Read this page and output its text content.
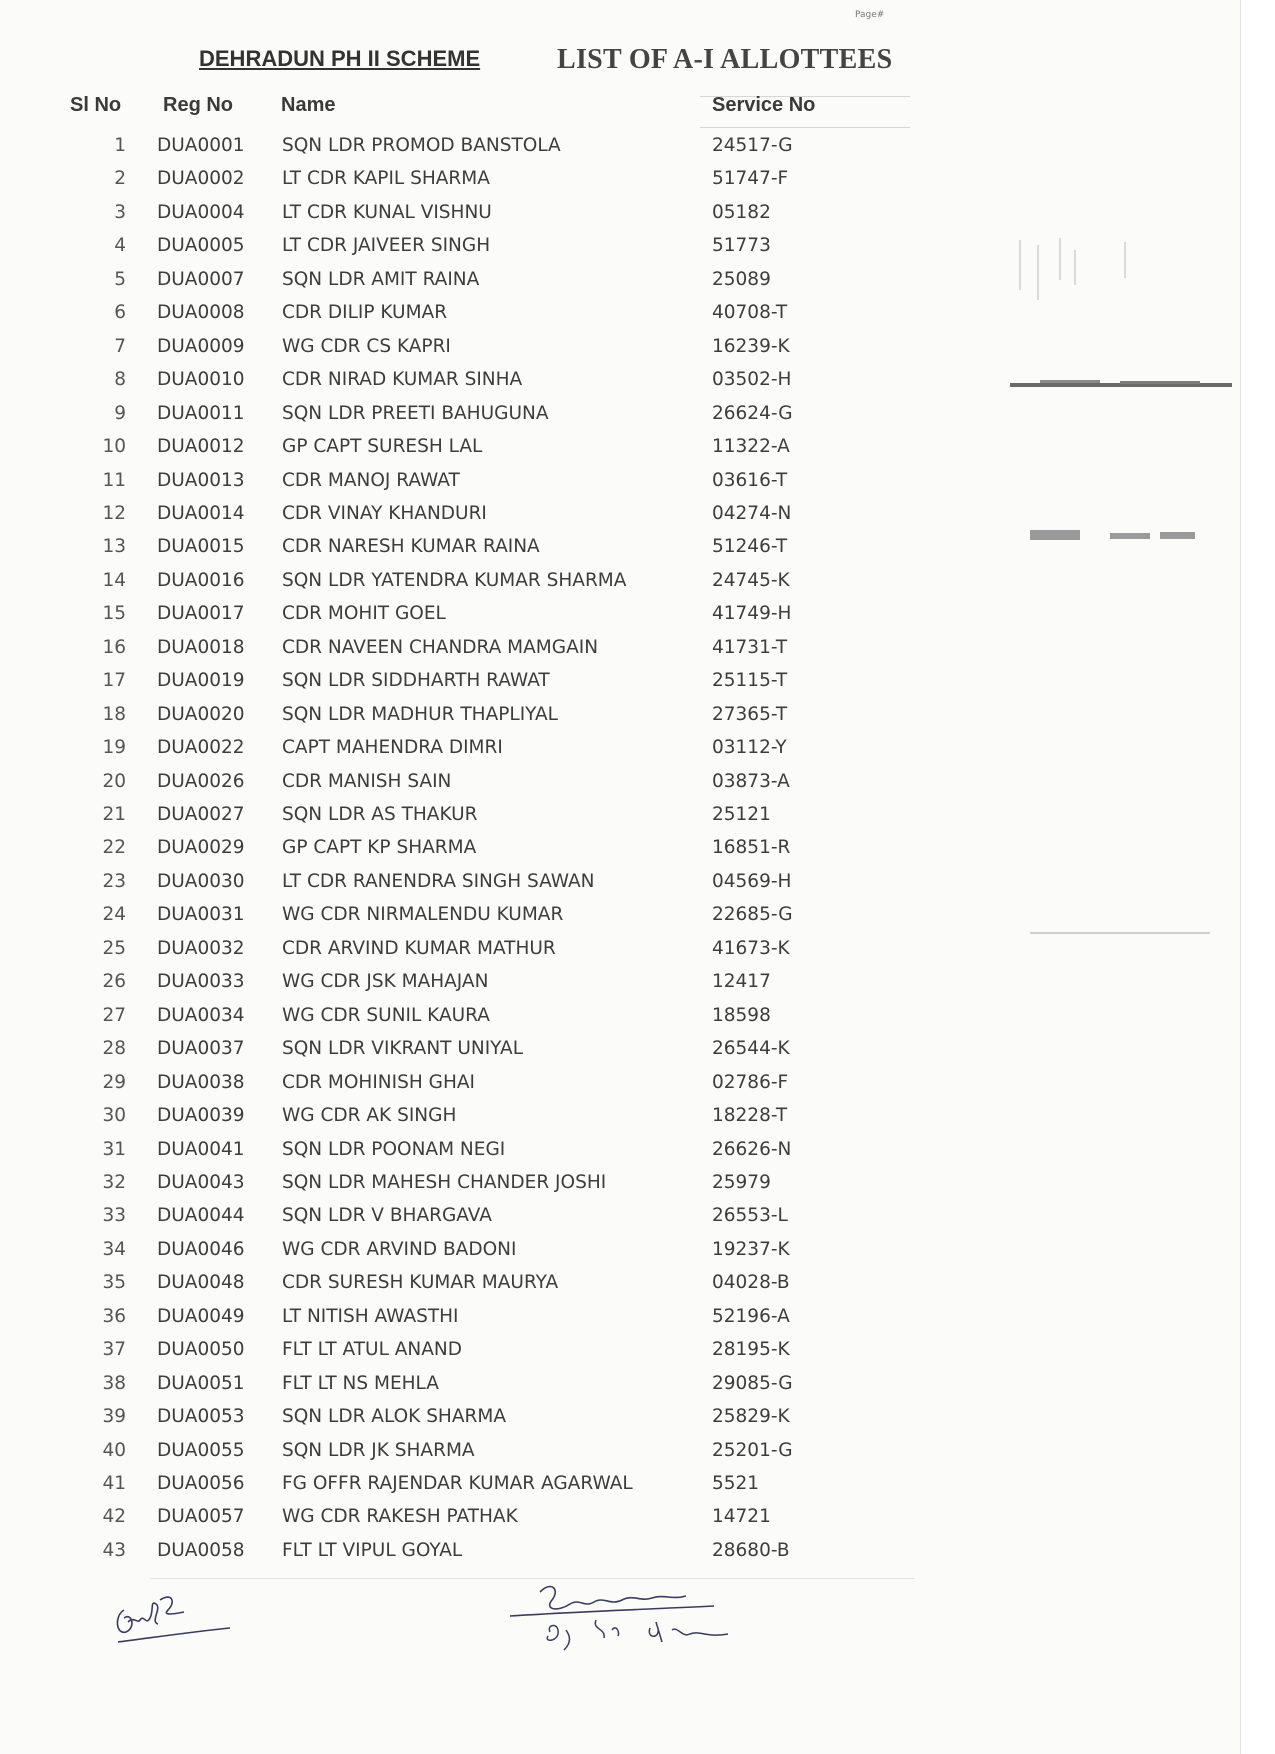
Page#
DEHRADUN PH II SCHEME	LIST OF A-I ALLOTTEES
Sl No Reg No Name	Service No
1 DUA0001 SQN LDR PROMOD BANSTOLA	24517-G
2 DUA0002 LT CDR KAPIL SHARMA	51747-F
3 DUA0004 LT CDR KUNAL VISHNU	05182
4 DUA0005 LT CDR JAIVEER SINGH	51773
5 DUA0007 SQN LDR AMIT RAINA	25089
6 DUA0008 CDR DILIP KUMAR	40708-T
7 DUA0009 WG CDR CS KAPRI	16239-K
8 DUA0010 CDR NIRAD KUMAR SINHA	03502-H
9 DUA0011 SQN LDR PREETI BAHUGUNA	26624-G
10 DUA0012 GP CAPT SURESH LAL	11322-A
11 DUA0013 CDR MANOJ RAWAT	03616-T
12 DUA0014 CDR VINAY KHANDURI	04274-N
13 DUA0015 CDR NARESH KUMAR RAINA	51246-T
14 DUA0016 SQN LDR YATENDRA KUMAR SHARMA	24745-K
15 DUA0017 CDR MOHIT GOEL	41749-H
16 DUA0018 CDR NAVEEN CHANDRA MAMGAIN	41731-T
17 DUA0019 SQN LDR SIDDHARTH RAWAT	25115-T
18 DUA0020 SQN LDR MADHUR THAPLIYAL	27365-T
19 DUA0022 CAPT MAHENDRA DIMRI	03112-Y
20 DUA0026 CDR MANISH SAIN	03873-A
21 DUA0027 SQN LDR AS THAKUR	25121
22 DUA0029 GP CAPT KP SHARMA	16851-R
23 DUA0030 LT CDR RANENDRA SINGH SAWAN	04569-H
24 DUA0031 WG CDR NIRMALENDU KUMAR	22685-G
25 DUA0032 CDR ARVIND KUMAR MATHUR	41673-K
26 DUA0033 WG CDR JSK MAHAJAN	12417
27 DUA0034 WG CDR SUNIL KAURA	18598
28 DUA0037 SQN LDR VIKRANT UNIYAL	26544-K
29 DUA0038 CDR MOHINISH GHAI	02786-F
30 DUA0039 WG CDR AK SINGH	18228-T
31 DUA0041 SQN LDR POONAM NEGI	26626-N
32 DUA0043 SQN LDR MAHESH CHANDER JOSHI	25979
33 DUA0044 SQN LDR V BHARGAVA	26553-L
34 DUA0046 WG CDR ARVIND BADONI	19237-K
35 DUA0048 CDR SURESH KUMAR MAURYA	04028-B
36 DUA0049 LT NITISH AWASTHI	52196-A
37 DUA0050 FLT LT ATUL ANAND	28195-K
38 DUA0051 FLT LT NS MEHLA	29085-G
39 DUA0053 SQN LDR ALOK SHARMA	25829-K
40 DUA0055 SQN LDR JK SHARMA	25201-G
41 DUA0056 FG OFFR RAJENDAR KUMAR AGARWAL	5521
42 DUA0057 WG CDR RAKESH PATHAK	14721
43 DUA0058 FLT LT VIPUL GOYAL	28680-B
